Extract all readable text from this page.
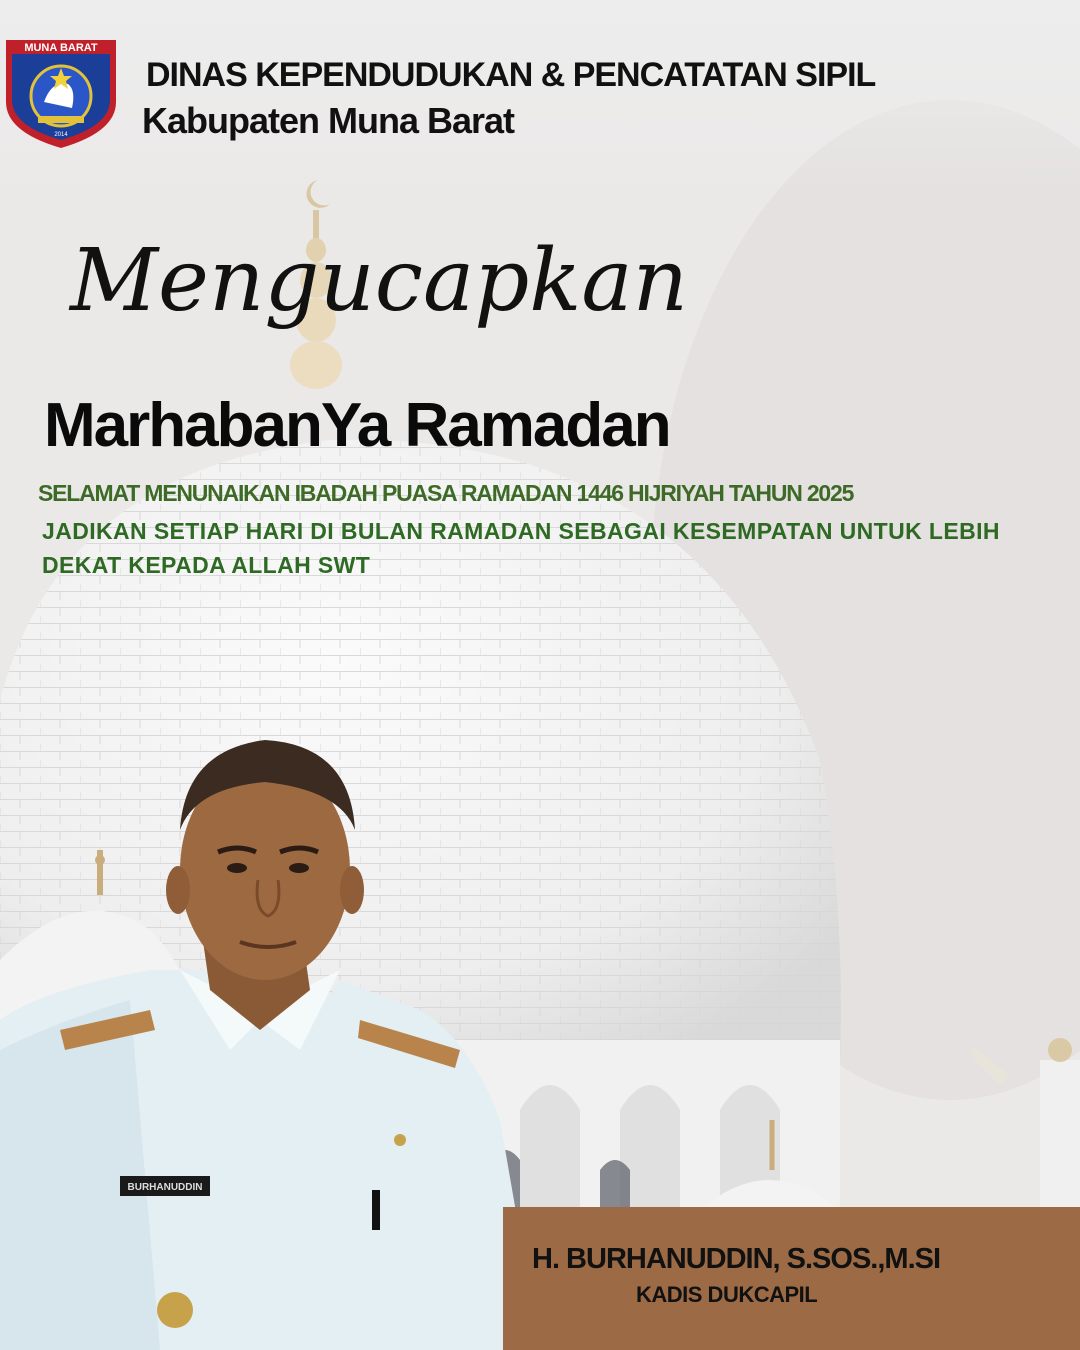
MUNA BARAT
2014
DINAS KEPENDUDUKAN & PENCATATAN SIPIL
Kabupaten Muna Barat
Mengucapkan
MarhabanYa Ramadan
SELAMAT MENUNAIKAN IBADAH PUASA RAMADAN 1446 HIJRIYAH TAHUN 2025
JADIKAN SETIAP HARI DI BULAN RAMADAN SEBAGAI KESEMPATAN UNTUK LEBIH DEKAT KEPADA ALLAH SWT
BURHANUDDIN
H. BURHANUDDIN, S.SOS.,M.SI
KADIS DUKCAPIL
